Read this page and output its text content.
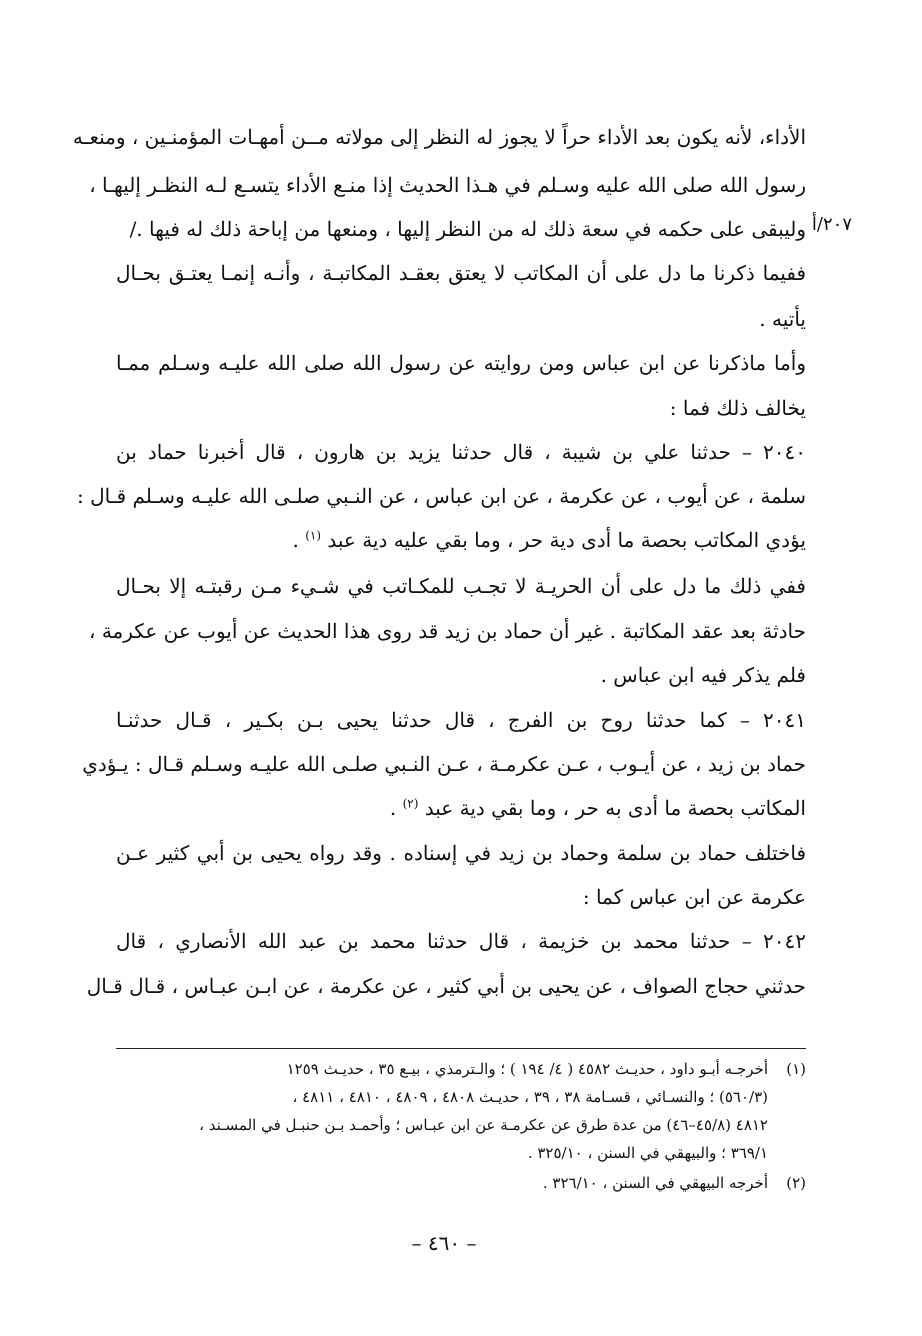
الأداء، لأنه يكون بعد الأداء حراً لا يجوز له النظر إلى مولاته مــن أمهـات المؤمنـين ، ومنعـه
رسول الله صلى الله عليه وسـلم في هـذا الحديث إذا منـع الأداء يتسـع لـه النظـر إليهـا ،
وليبقى على حكمه في سعة ذلك له من النظر إليها ، ومنعها من إباحة ذلك له فيها ./ ٢٠٧/أ
ففيما ذكرنا ما دل على أن المكاتب لا يعتق بعقـد المكاتبـة ، وأنـه إنمـا يعتـق بحـال
يأتيه .
وأما ماذكرنا عن ابن عباس ومن روايته عن رسول الله صلى الله عليـه وسـلم ممـا
يخالف ذلك فما :
٢٠٤٠ – حدثنا علي بن شيبة ، قال حدثنا يزيد بن هارون ، قال أخبرنا حماد بن
سلمة ، عن أيوب ، عن عكرمة ، عن ابن عباس ، عن النـبي صلـى الله عليـه وسـلم قـال :
يؤدي المكاتب بحصة ما أدى دية حر ، وما بقي عليه دية عبد $^{(١)}$ .
ففي ذلك ما دل على أن الحريـة لا تجـب للمكـاتب في شـيء مـن رقبتـه إلا بحـال
حادثة بعد عقد المكاتبة . غير أن حماد بن زيد قد روى هذا الحديث عن أيوب عن عكرمة ،
فلم يذكر فيه ابن عباس .
٢٠٤١ – كما حدثنا روح بن الفرج ، قال حدثنا يحيى بـن بكـير ، قـال حدثنـا
حماد بن زيد ، عن أيـوب ، عـن عكرمـة ، عـن النـبي صلـى الله عليـه وسـلم قـال : يـؤدي
المكاتب بحصة ما أدى به حر ، وما بقي دية عبد $^{(٢)}$ .
فاختلف حماد بن سلمة وحماد بن زيد في إسناده . وقد رواه يحيى بن أبي كثير عـن
عكرمة عن ابن عباس كما :
٢٠٤٢ – حدثنا محمد بن خزيمة ، قال حدثنا محمد بن عبد الله الأنصاري ، قال
حدثني حجاج الصواف ، عن يحيى بن أبي كثير ، عن عكرمة ، عن ابـن عبـاس ، قـال قـال
(١)أخرجـه أبـو داود ، حديـث ٤٥٨٢ ( ٤/ ١٩٤ ) ؛ والـترمذي ، بيـع ٣٥ ، حديـث ١٢٥٩
(٥٦٠/٣) ؛ والنسـائي ، قسـامة ٣٨ ، ٣٩ ، حديـث ٤٨٠٨ ، ٤٨٠٩ ، ٤٨١٠ ، ٤٨١١ ،
٤٨١٢ (٤٥/٨–٤٦) من عدة طرق عن عكرمـة عن ابن عبـاس ؛ وأحمـد بـن حنبـل في المسـند ،
٣٦٩/١ ؛ والبيهقي في السنن ، ٣٢٥/١٠ .
(٢)أخرجه البيهقي في السنن ، ٣٢٦/١٠ .
– ٤٦٠ –
